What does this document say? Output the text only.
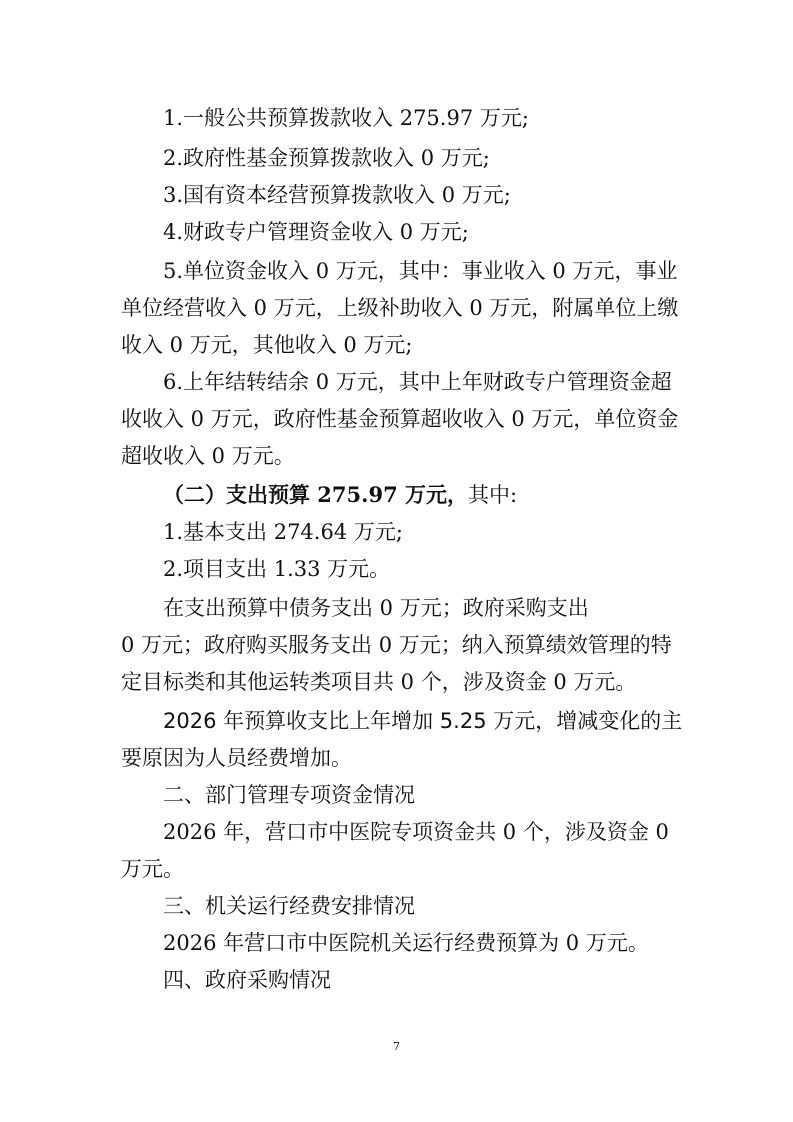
1.一般公共预算拨款收入 275.97 万元;
2.政府性基金预算拨款收入 0 万元;
3.国有资本经营预算拨款收入 0 万元;
4.财政专户管理资金收入 0 万元;
5.单位资金收入 0 万元，其中：事业收入 0 万元，事业
单位经营收入 0 万元，上级补助收入 0 万元，附属单位上缴
收入 0 万元，其他收入 0 万元;
6.上年结转结余 0 万元，其中上年财政专户管理资金超
收收入 0 万元，政府性基金预算超收收入 0 万元，单位资金
超收收入 0 万元。
（二）支出预算 275.97 万元，其中:
1.基本支出 274.64 万元;
2.项目支出 1.33 万元。
在支出预算中债务支出 0 万元；政府采购支出
0 万元；政府购买服务支出 0 万元；纳入预算绩效管理的特
定目标类和其他运转类项目共 0 个，涉及资金 0 万元。
2026 年预算收支比上年增加 5.25 万元，增减变化的主
要原因为人员经费增加。
二、部门管理专项资金情况
2026 年，营口市中医院专项资金共 0 个，涉及资金 0
万元。
三、机关运行经费安排情况
2026 年营口市中医院机关运行经费预算为 0 万元。
四、政府采购情况
7
